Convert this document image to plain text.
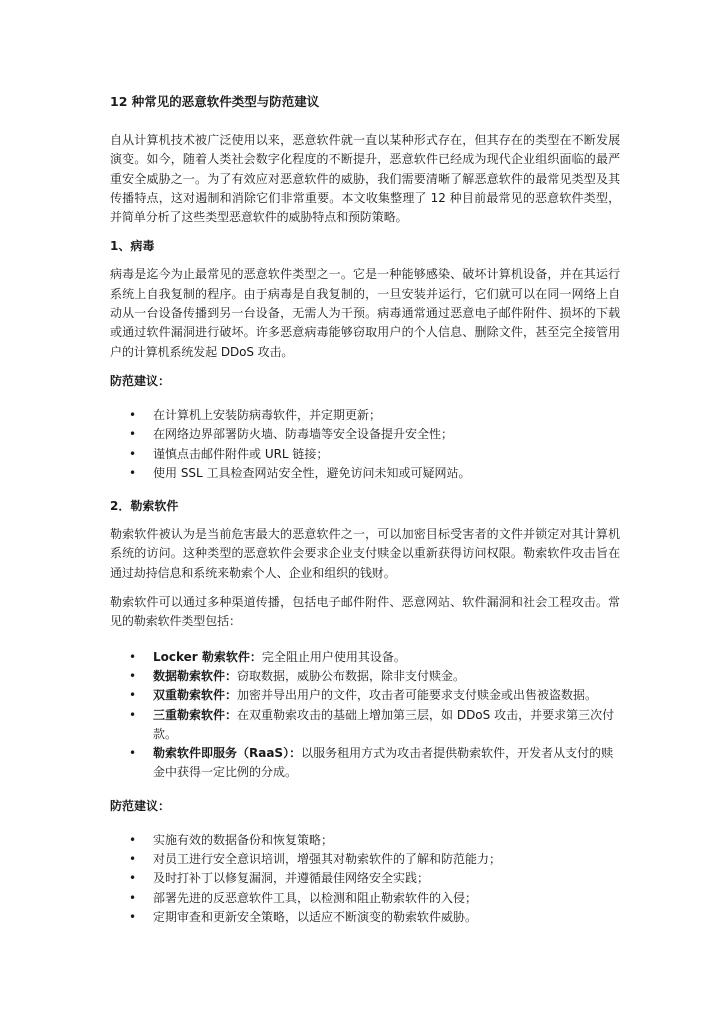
12 种常见的恶意软件类型与防范建议

自从计算机技术被广泛使用以来，恶意软件就一直以某种形式存在，但其存在的类型在不断发展演变。如今，随着人类社会数字化程度的不断提升，恶意软件已经成为现代企业组织面临的最严重安全威胁之一。为了有效应对恶意软件的威胁，我们需要清晰了解恶意软件的最常见类型及其传播特点，这对遏制和消除它们非常重要。本文收集整理了 12 种目前最常见的恶意软件类型，并简单分析了这些类型恶意软件的威胁特点和预防策略。

1、病毒

病毒是迄今为止最常见的恶意软件类型之一。它是一种能够感染、破坏计算机设备，并在其运行系统上自我复制的程序。由于病毒是自我复制的，一旦安装并运行，它们就可以在同一网络上自动从一台设备传播到另一台设备，无需人为干预。病毒通常通过恶意电子邮件附件、损坏的下载或通过软件漏洞进行破坏。许多恶意病毒能够窃取用户的个人信息、删除文件，甚至完全接管用户的计算机系统发起 DDoS 攻击。

防范建议：
• 在计算机上安装防病毒软件，并定期更新；
• 在网络边界部署防火墙、防毒墙等安全设备提升安全性；
• 谨慎点击邮件附件或 URL 链接；
• 使用 SSL 工具检查网站安全性，避免访问未知或可疑网站。
2．勒索软件

勒索软件被认为是当前危害最大的恶意软件之一，可以加密目标受害者的文件并锁定对其计算机系统的访问。这种类型的恶意软件会要求企业支付赎金以重新获得访问权限。勒索软件攻击旨在通过劫持信息和系统来勒索个人、企业和组织的钱财。

勒索软件可以通过多种渠道传播，包括电子邮件附件、恶意网站、软件漏洞和社会工程攻击。常见的勒索软件类型包括：

• Locker 勒索软件：完全阻止用户使用其设备。
• 数据勒索软件：窃取数据，威胁公布数据，除非支付赎金。
• 双重勒索软件：加密并导出用户的文件，攻击者可能要求支付赎金或出售被盗数据。
• 三重勒索软件：在双重勒索攻击的基础上增加第三层，如 DDoS 攻击，并要求第三次付款。
• 勒索软件即服务（RaaS）：以服务租用方式为攻击者提供勒索软件，开发者从支付的赎金中获得一定比例的分成。
防范建议：
• 实施有效的数据备份和恢复策略；
• 对员工进行安全意识培训，增强其对勒索软件的了解和防范能力；
• 及时打补丁以修复漏洞，并遵循最佳网络安全实践；
• 部署先进的反恶意软件工具，以检测和阻止勒索软件的入侵；
• 定期审查和更新安全策略，以适应不断演变的勒索软件威胁。
